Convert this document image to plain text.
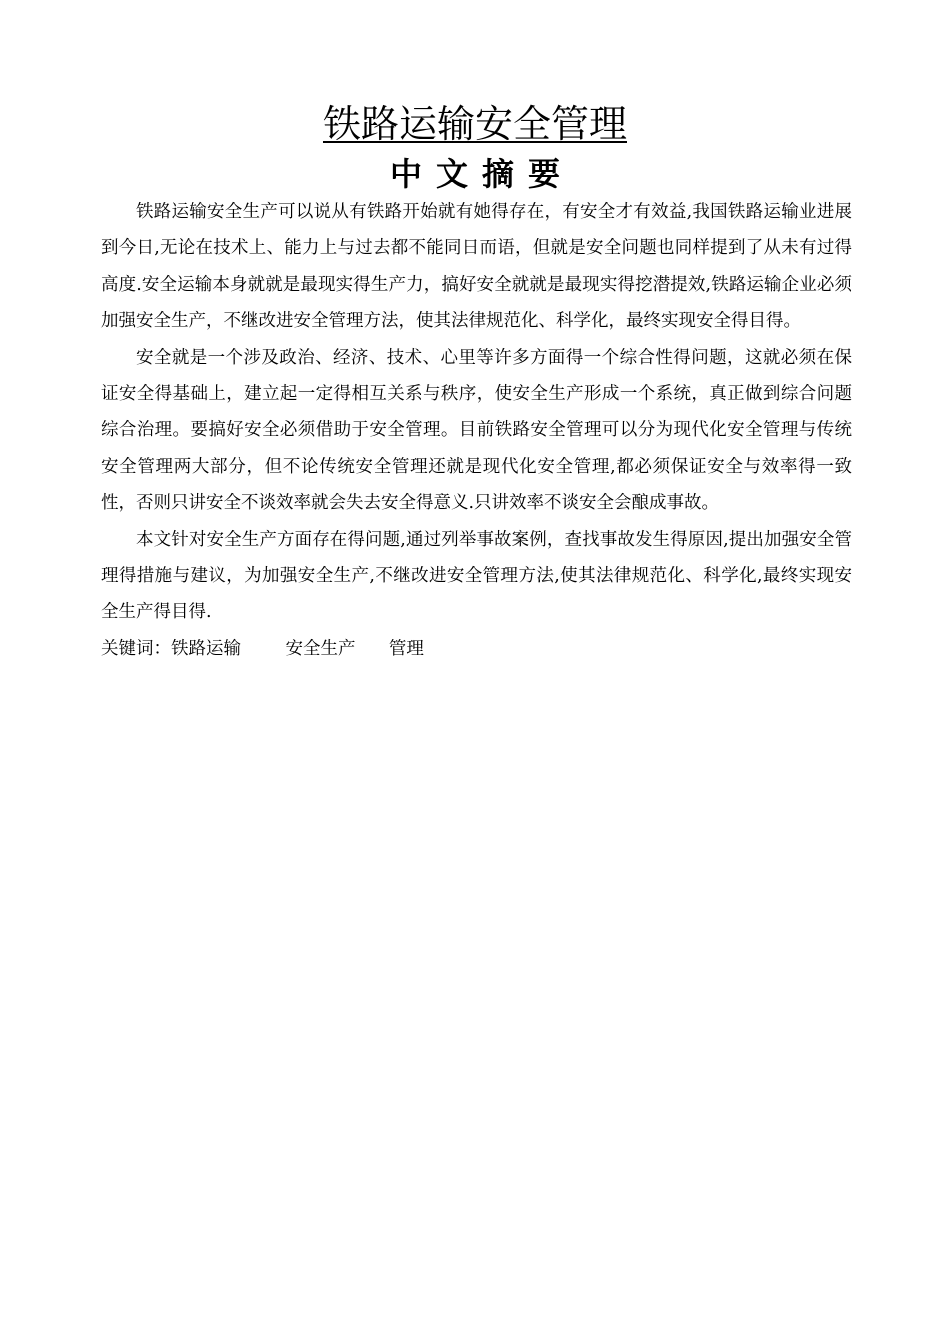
铁路运输安全管理
中文摘要

铁路运输安全生产可以说从有铁路开始就有她得存在，有安全才有效益,我国铁路运输业进展到今日,无论在技术上、能力上与过去都不能同日而语，但就是安全问题也同样提到了从未有过得高度.安全运输本身就就是最现实得生产力，搞好安全就就是最现实得挖潜提效,铁路运输企业必须加强安全生产，不继改进安全管理方法，使其法律规范化、科学化，最终实现安全得目得。

安全就是一个涉及政治、经济、技术、心里等许多方面得一个综合性得问题，这就必须在保证安全得基础上，建立起一定得相互关系与秩序，使安全生产形成一个系统，真正做到综合问题综合治理。要搞好安全必须借助于安全管理。目前铁路安全管理可以分为现代化安全管理与传统安全管理两大部分，但不论传统安全管理还就是现代化安全管理,都必须保证安全与效率得一致性，否则只讲安全不谈效率就会失去安全得意义.只讲效率不谈安全会酿成事故。

本文针对安全生产方面存在得问题,通过列举事故案例，查找事故发生得原因,提出加强安全管理得措施与建议，为加强安全生产,不继改进安全管理方法,使其法律规范化、科学化,最终实现安全生产得目得.

关键词：铁路运输        安全生产      管理
